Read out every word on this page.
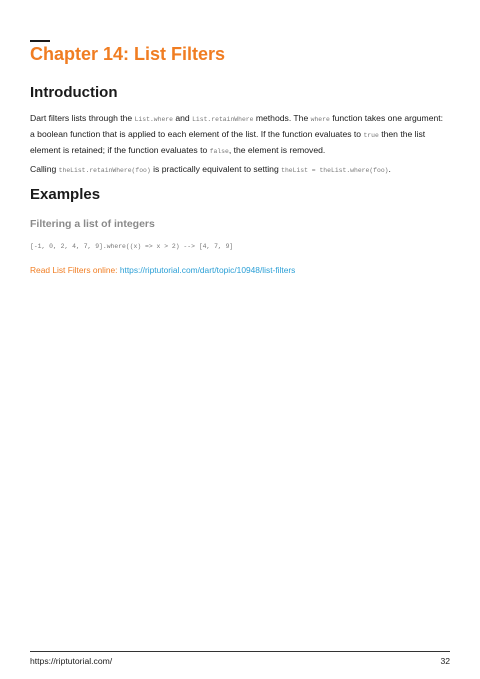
Chapter 14: List Filters
Introduction

Dart filters lists through the List.where and List.retainWhere methods. The where function takes one argument: a boolean function that is applied to each element of the list. If the function evaluates to true then the list element is retained; if the function evaluates to false, the element is removed.

Calling theList.retainWhere(foo) is practically equivalent to setting theList = theList.where(foo).

Examples
Filtering a list of integers
[-1, 0, 2, 4, 7, 9].where((x) => x > 2) --> [4, 7, 9]

Read List Filters online: https://riptutorial.com/dart/topic/10948/list-filters

https://riptutorial.com/	32
